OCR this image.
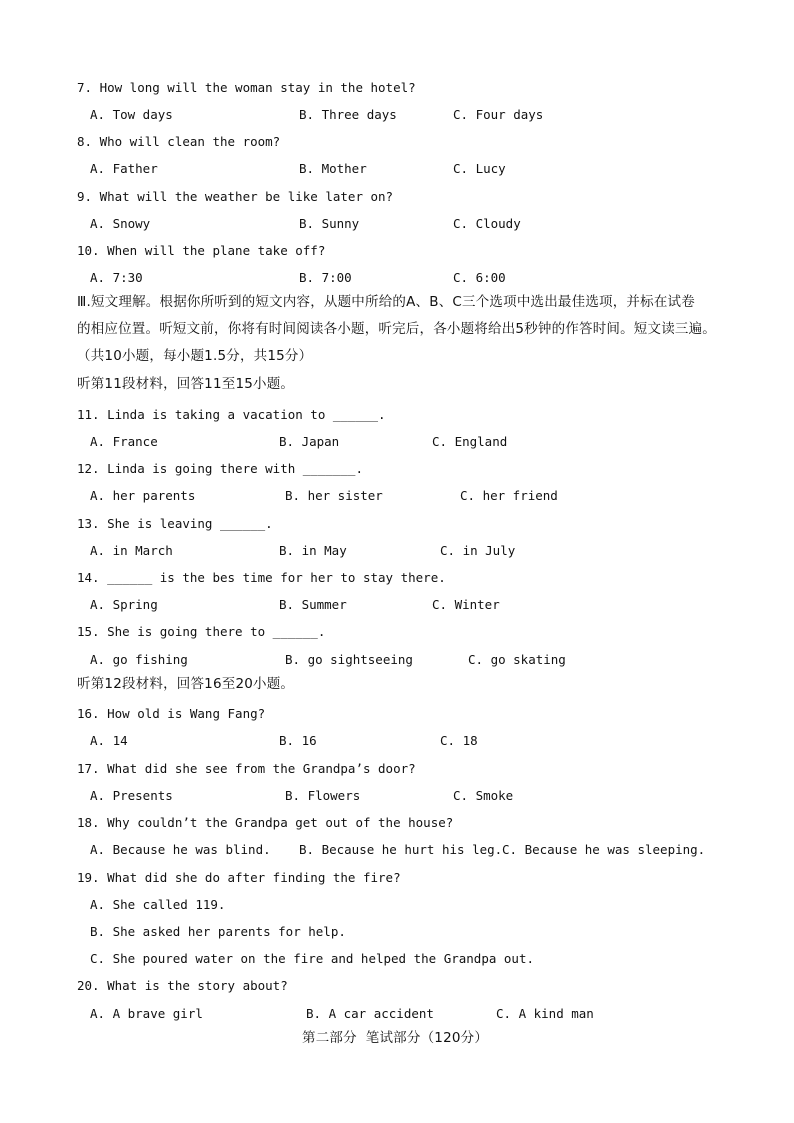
7. How long will the woman stay in the hotel?
A. Tow days	B. Three days	C. Four days
8. Who will clean the room?
A. Father	B. Mother	C. Lucy
9. What will the weather be like later on?
A. Snowy	B. Sunny	C. Cloudy
10. When will the plane take off?
A. 7:30	B. 7:00	C. 6:00
Ⅲ.短文理解。根据你所听到的短文内容，从题中所给的A、B、C三个选项中选出最佳选项，并标在试卷
的相应位置。听短文前，你将有时间阅读各小题，听完后，各小题将给出5秒钟的作答时间。短文读三遍。
（共10小题，每小题1.5分，共15分）
听第11段材料，回答11至15小题。
11. Linda is taking a vacation to ______.
A. France	B. Japan	C. England
12. Linda is going there with _______.
A. her parents	B. her sister	C. her friend
13. She is leaving ______.
A. in March	B. in May	C. in July
14. ______ is the bes time for her to stay there.
A. Spring	B. Summer	C. Winter
15. She is going there to ______.
A. go fishing	B. go sightseeing	C. go skating
听第12段材料，回答16至20小题。
16. How old is Wang Fang?
A. 14	B. 16	C. 18
17. What did she see from the Grandpa’s door?
A. Presents	B. Flowers	C. Smoke
18. Why couldn’t the Grandpa get out of the house?
A. Because he was blind. B. Because he hurt his leg. C. Because he was sleeping.
19. What did she do after finding the fire?
A. She called 119.
B. She asked her parents for help.
C. She poured water on the fire and helped the Grandpa out.
20. What is the story about?
A. A brave girl	B. A car accident	C. A kind man
第二部分  笔试部分（120分）
